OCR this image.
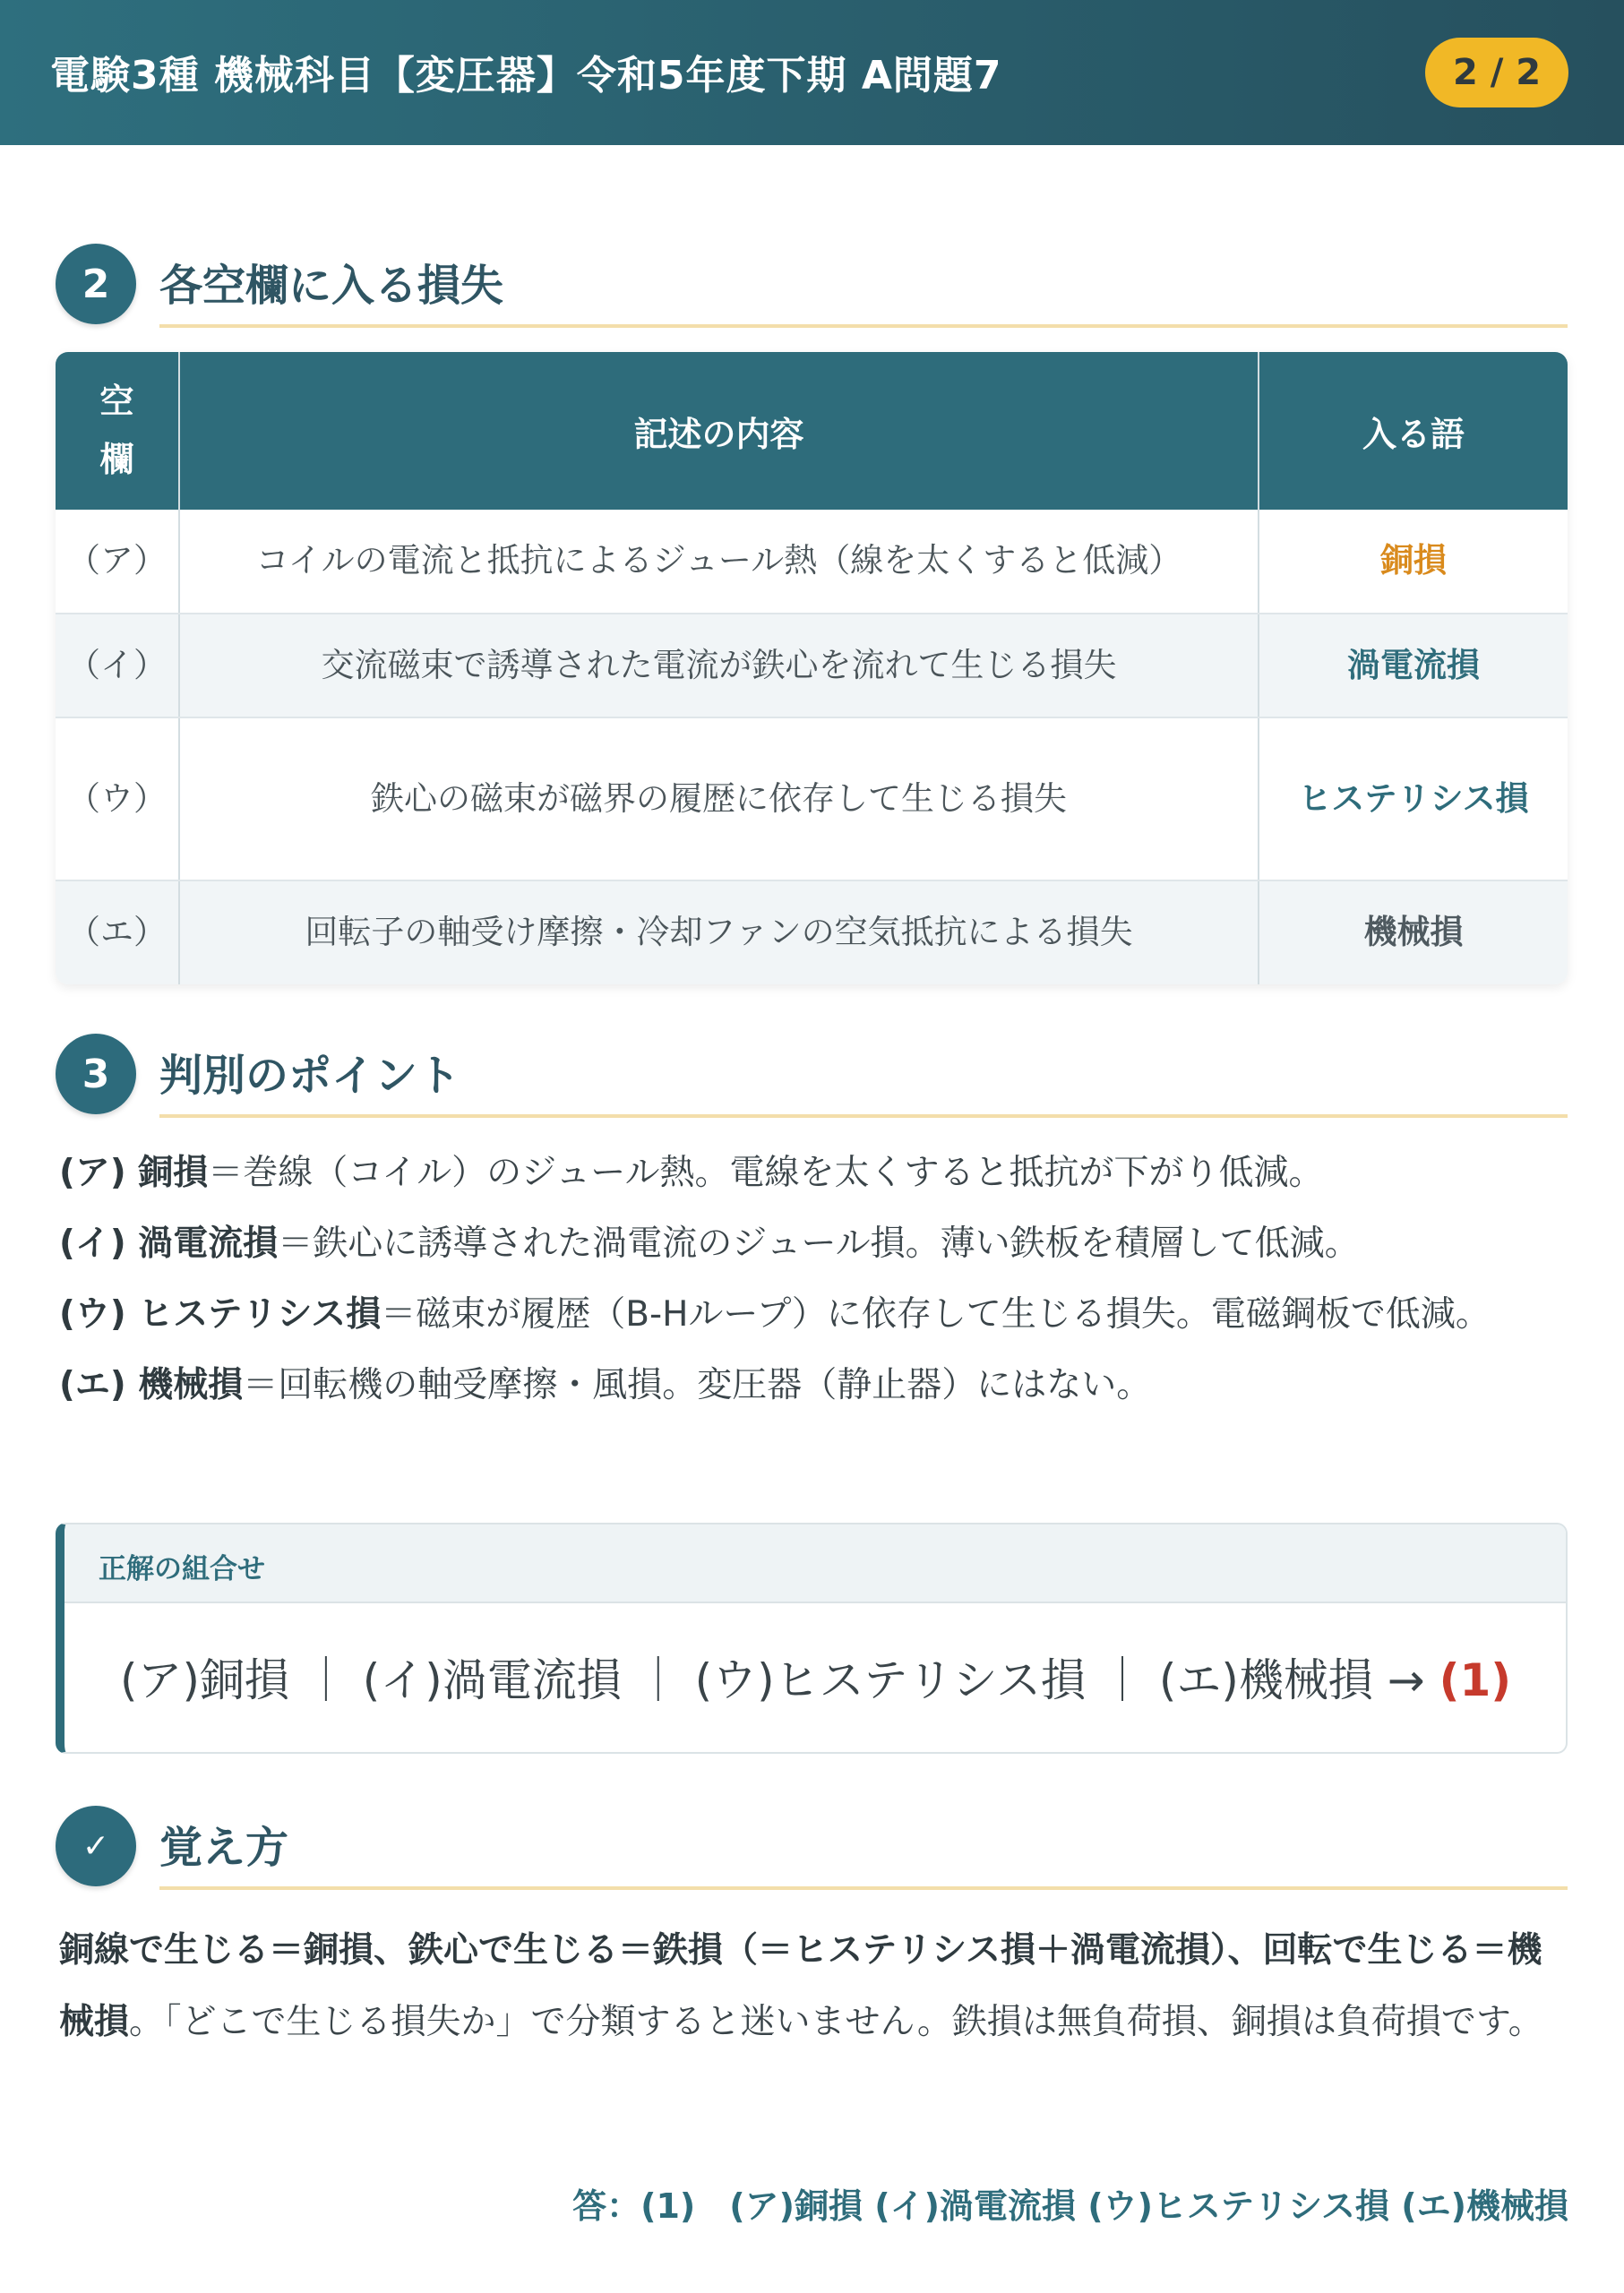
電験3種 機械科目【変圧器】令和5年度下期 A問題7	2 / 2
2	各空欄に入る損失
空欄	記述の内容	入る語
（ア）	コイルの電流と抵抗によるジュール熱（線を太くすると低減）	銅損
（イ）	交流磁束で誘導された電流が鉄心を流れて生じる損失	渦電流損
（ウ）	鉄心の磁束が磁界の履歴に依存して生じる損失	ヒステリシス損
（エ）	回転子の軸受け摩擦・冷却ファンの空気抵抗による損失	機械損
3	判別のポイント
(ア) 銅損＝巻線（コイル）のジュール熱。電線を太くすると抵抗が下がり低減。
(イ) 渦電流損＝鉄心に誘導された渦電流のジュール損。薄い鉄板を積層して低減。
(ウ) ヒステリシス損＝磁束が履歴（B-Hループ）に依存して生じる損失。電磁鋼板で低減。
(エ) 機械損＝回転機の軸受摩擦・風損。変圧器（静止器）にはない。
正解の組合せ
(ア)銅損 ｜ (イ)渦電流損 ｜ (ウ)ヒステリシス損 ｜ (エ)機械損 → (1)
✓	覚え方
銅線で生じる＝銅損、鉄心で生じる＝鉄損（＝ヒステリシス損＋渦電流損）、回転で生じる＝機械損。「どこで生じる損失か」で分類すると迷いません。鉄損は無負荷損、銅損は負荷損です。
答：(1)　(ア)銅損 (イ)渦電流損 (ウ)ヒステリシス損 (エ)機械損
